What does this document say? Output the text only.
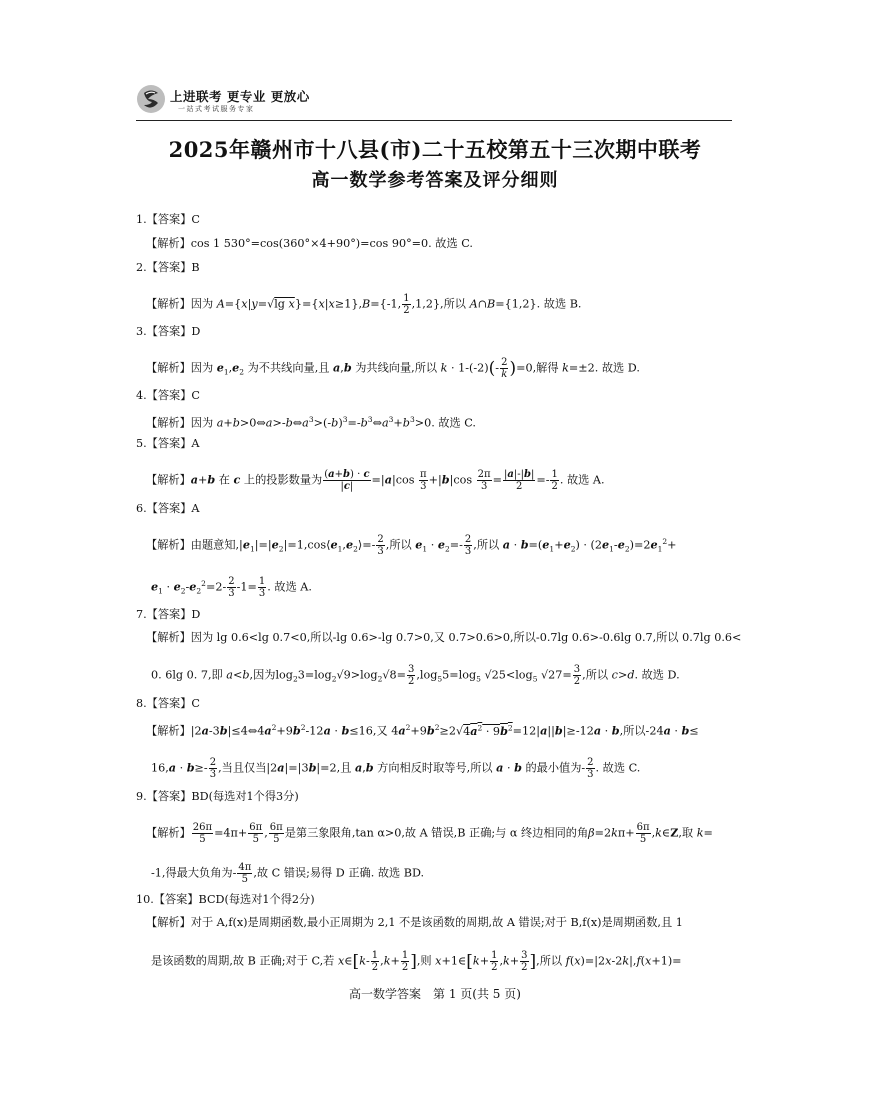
上进联考 更专业 更放心
一站式考试服务专家
2025年赣州市十八县(市)二十五校第五十三次期中联考
高一数学参考答案及评分细则
1.【答案】C
【解析】cos 1 530°=cos(360°×4+90°)=cos 90°=0. 故选 C.
2.【答案】B
【解析】因为 A={x|y=√lg x}={x|x≥1},B={-1, $\frac{1}{2} ,1,2$},所以 A∩B={1,2}. 故选 B.
3.【答案】D
【解析】因为 $e_1,e_2$ 为不共线向量,且 a,b 为共线向量,所以 $k \cdot 1-(-2)(- \frac{2}{k} )=0$,解得 k=±2. 故选 D.
4.【答案】C
【解析】因为 $a+b>0\Leftrightarrow a>-b\Leftrightarrow a^3>(-b)^3=-b^3\Leftrightarrow a^3+b^3>0$. 故选 C.
5.【答案】A
【解析】a+b 在 c 上的投影数量为 $\frac{(a+b) \cdot c}{|c|} =|a|\cos \frac{\pi}{3} +|b|\cos \frac{2\pi}{3} = \frac{|a|-|b|}{2} =- \frac{1}{2}$ . 故选 A.
6.【答案】A
【解析】由题意知$,|e_1|=|e_2|=1,\cos⟨e_1,e_2⟩=- \frac{2}{3}$ ,所以 $e_1 \cdot e_2=- \frac{2}{3}$ ,所以 $a \cdot b=(e_1+e_2) \cdot (2e_1-e_2)=2e_1^2+$
$e_1 \cdot e_2-e_2^2=2- \frac{2}{3} -1= \frac{1}{3}$ . 故选 A.
7.【答案】D
【解析】因为 lg 0.6<lg 0.7<0,所以-lg 0.6>-lg 0.7>0,又 0.7>0.6>0,所以-0.7lg 0.6>-0.6lg 0.7,所以 0.7lg 0.6<
0. 6lg 0. 7,即 a<b,因为$\log_23=\log_2√9>\log_2√8= \frac{3}{2} ,\log_55=\log_5$ $√25<\log_5$ $√27= \frac{3}{2}$ ,所以 c>d. 故选 D.
8.【答案】C
【解析】$|2a-3b|\le 4\Leftrightarrow 4a^2+9b^2-12a \cdot b\le 16$,又 $4a^2+9b^2\ge 2√4a^2 \cdot 9b^2=12|a||b|\ge-12a \cdot b$,所以-24a · b≤
$16,a \cdot b\ge- \frac{2}{3}$ ,当且仅当|2a|=|3b|=2,且 a,b 方向相反时取等号,所以 a · b 的最小值为- $\frac{2}{3}$ . 故选 C.
9.【答案】BD(每选对1个得3分)
【解析】 $\frac{26\pi}{5} =4\pi+ \frac{6\pi}{5}$ , $\frac{6\pi}{5}$ 是第三象限角,tan α>0,故 A 错误,B 正确;与 α 终边相同的角$\beta=2k\pi+ \frac{6\pi}{5}$ ,k∈Z,取 k=
-1,得最大负角为- $\frac{4\pi}{5}$ ,故 C 错误;易得 D 正确. 故选 BD.
10.【答案】BCD(每选对1个得2分)
【解析】对于 A,f(x)是周期函数,最小正周期为 2,1 不是该函数的周期,故 A 错误;对于 B,f(x)是周期函数,且 1
是该函数的周期,故 B 正确;对于 C,若 x∈[k- $\frac{1}{2} ,k+ \frac{1}{2}$ ],则 x+1∈[k+ $\frac{1}{2} ,k+ \frac{3}{2}$ ],所以 f(x)=|2x-2k|,f(x+1)=
高一数学答案　第 1 页(共 5 页)
